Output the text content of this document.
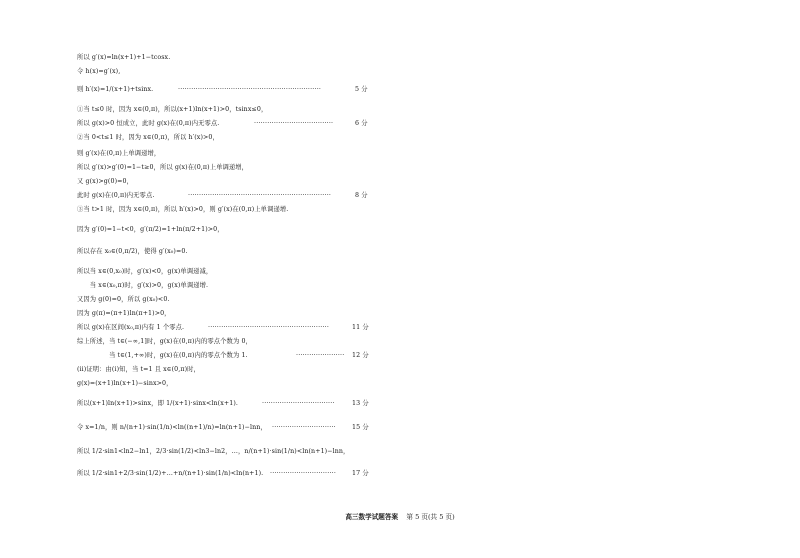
所以 g′(x)=ln(x+1)+1−tcosx.
令 h(x)=g′(x),
则 h′(x)=1/(x+1)+tsinx.	·································································	5 分
①当 t≤0 时，因为 x∈(0,π)，所以(x+1)ln(x+1)>0，tsinx≤0，
所以 g(x)>0 恒成立，此时 g(x)在(0,π)内无零点.	····································	6 分
②当 0<t≤1 时，因为 x∈(0,π)，所以 h′(x)>0，
则 g′(x)在(0,π)上单调递增，
所以 g′(x)>g′(0)=1−t≥0，所以 g(x)在(0,π)上单调递增，
又 g(x)>g(0)=0，
此时 g(x)在(0,π)内无零点.	·································································	8 分
③当 t>1 时，因为 x∈(0,π)，所以 h′(x)>0，则 g′(x)在(0,π)上单调递增.
因为 g′(0)=1−t<0，g′(π/2)=1+ln(π/2+1)>0，
所以存在 x₀∈(0,π/2)，使得 g′(x₀)=0.
所以当 x∈(0,x₀)时，g′(x)<0，g(x)单调递减，
　　当 x∈(x₀,π)时，g′(x)>0，g(x)单调递增.
又因为 g(0)=0，所以 g(x₀)<0.
因为 g(π)=(π+1)ln(π+1)>0，
所以 g(x)在区间(x₀,π)内有 1 个零点.	·······················································	11 分
综上所述，当 t∈(−∞,1]时，g(x)在(0,π)内的零点个数为 0，
　　　　　当 t∈(1,+∞)时，g(x)在(0,π)内的零点个数为 1.	······················	12 分
(ii)证明：由(i)知，当 t=1 且 x∈(0,π)时，
g(x)=(x+1)ln(x+1)−sinx>0，
所以(x+1)ln(x+1)>sinx，即 1/(x+1)·sinx<ln(x+1).	·································	13 分
令 x=1/n，则 n/(n+1)·sin(1/n)<ln((n+1)/n)=ln(n+1)−lnn， ·····························	15 分
所以 1/2·sin1<ln2−ln1，2/3·sin(1/2)<ln3−ln2，…，n/(n+1)·sin(1/n)<ln(n+1)−lnn，
所以 1/2·sin1+2/3·sin(1/2)+…+n/(n+1)·sin(1/n)<ln(n+1). ······························	17 分
高三数学试题答案 第 5 页(共 5 页)
